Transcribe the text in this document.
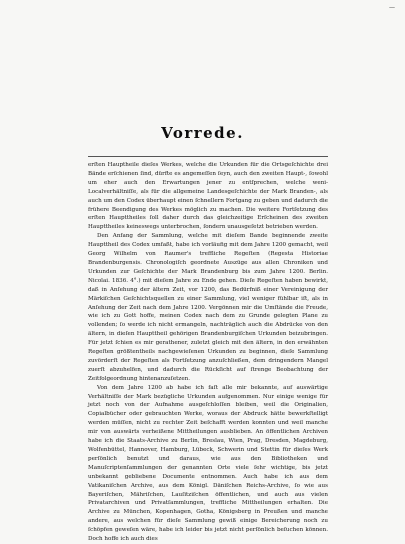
—
Vorrede.

erſten Hauptheile dieſes Werkes, welche die Urkunden für die Ortsgeſchichte drei Bände erſchienen ſind, dürfte es angemeſſen ſeyn, auch den zweiten Haupt-, ſowohl um eher auch den Erwartungen jener zu entſprechen, welche weni-Localverhältniſſe, als für die allgemeine Landesgeſchichte der Mark Branden-, als auch um den Codex überhaupt einen ſchnellern Fortgang zu geben und dadurch die frühere Beendigung des Werkes möglich zu machen. Die weitere Fortſetzung des erſten Haupttheiles ſoll daher durch das gleichzeitige Erſcheinen des zweiten Haupttheiles keineswegs unterbrochen, ſondern unausgeſetzt betrieben werden.

Den Anfang der Sammlung, welche mit dieſem Bande beginnende zweite Haupttheil des Codex umfaßt, habe ich vorläufig mit dem Jahre 1200 gemacht, weil Georg Wilhelm von Raumer's treffliche Regeſten (Regesta Historiae Brandenburgensis. Chronologiſch geordnete Auszüge aus allen Chroniken und Urkunden zur Geſchichte der Mark Brandenburg bis zum Jahre 1200. Berlin. Nicolai. 1836. 4°.) mit dieſem Jahre zu Ende gehen. Dieſe Regeſten haben bewirkt, daß in Anſehung der ältern Zeit, vor 1200, das Bedürfniß einer Vereinigung der Märkiſchen Geſchichtsquellen zu einer Sammlung, viel weniger fühlbar iſt, als in Anſehung der Zeit nach dem Jahre 1200. Vergönnen mir die Umſtände die Freude, wie ich zu Gott hoffe, meinen Codex nach dem zu Grunde gelegten Plane zu vollenden; ſo werde ich nicht ermangeln, nachträglich auch die Abdrücke von den ältern, in dieſen Haupttheil gehörigen Brandenburgiſchen Urkunden beizubringen. Für jetzt ſchien es mir gerathener, zuletzt gleich mit den ältern, in den erwähnten Regeſten größtentheils nachgewieſenen Urkunden zu beginnen, dieſe Sammlung zuvörderſt der Regeſten als Fortſetzung anzuſchließen, dem dringendern Mangel zuerſt abzuhelfen, und dadurch die Rückſicht auf ſtrenge Beobachtung der Zeitfolgeordnung hintenanzuſetzen.

Von dem Jahre 1200 ab habe ich faſt alle mir bekannte, auf auswärtige Verhältniſſe der Mark bezügliche Urkunden aufgenommen. Nur einige wenige für jetzt noch von der Aufnahme ausgeſchloſſen bleiben, weil die Originalien, Copialbücher oder gebrauchten Werke, woraus der Abdruck hätte bewerkſtelligt werden müſſen, nicht zu rechter Zeit beſchafft werden konnten und weil manche mir von auswärts verheißene Mittheilungen ausblieben. An öffentlichen Archiven habe ich die Staats-Archive zu Berlin, Breslau, Wien, Prag, Dresden, Magdeburg, Wolfenbüttel, Hannover, Hamburg, Lübeck, Schwerin und Stettin für dieſes Werk perſönlich benutzt und daraus, wie aus den Bibliotheken und Manuſcriptenſammlungen der genannten Orte viele ſehr wichtige, bis jetzt unbekannt gebliebene Documente entnommen. Auch habe ich aus dem Vatikaniſchen Archive, aus dem Königl. Däniſchen Reichs-Archive, ſo wie aus Bayeriſchen, Mähriſchen, Lauſitziſchen öffentlichen, und auch aus vielen Privatarchiven und Privatſammlungen, treffliche Mittheilungen erhalten. Die Archive zu München, Kopenhagen, Gotha, Königsberg in Preußen und manche andere, aus welchen für dieſe Sammlung gewiß einige Bereicherung noch zu ſchöpfen geweſen wäre, habe ich leider bis jetzt nicht perſönlich beſuchen können. Doch hoffe ich auch dies
